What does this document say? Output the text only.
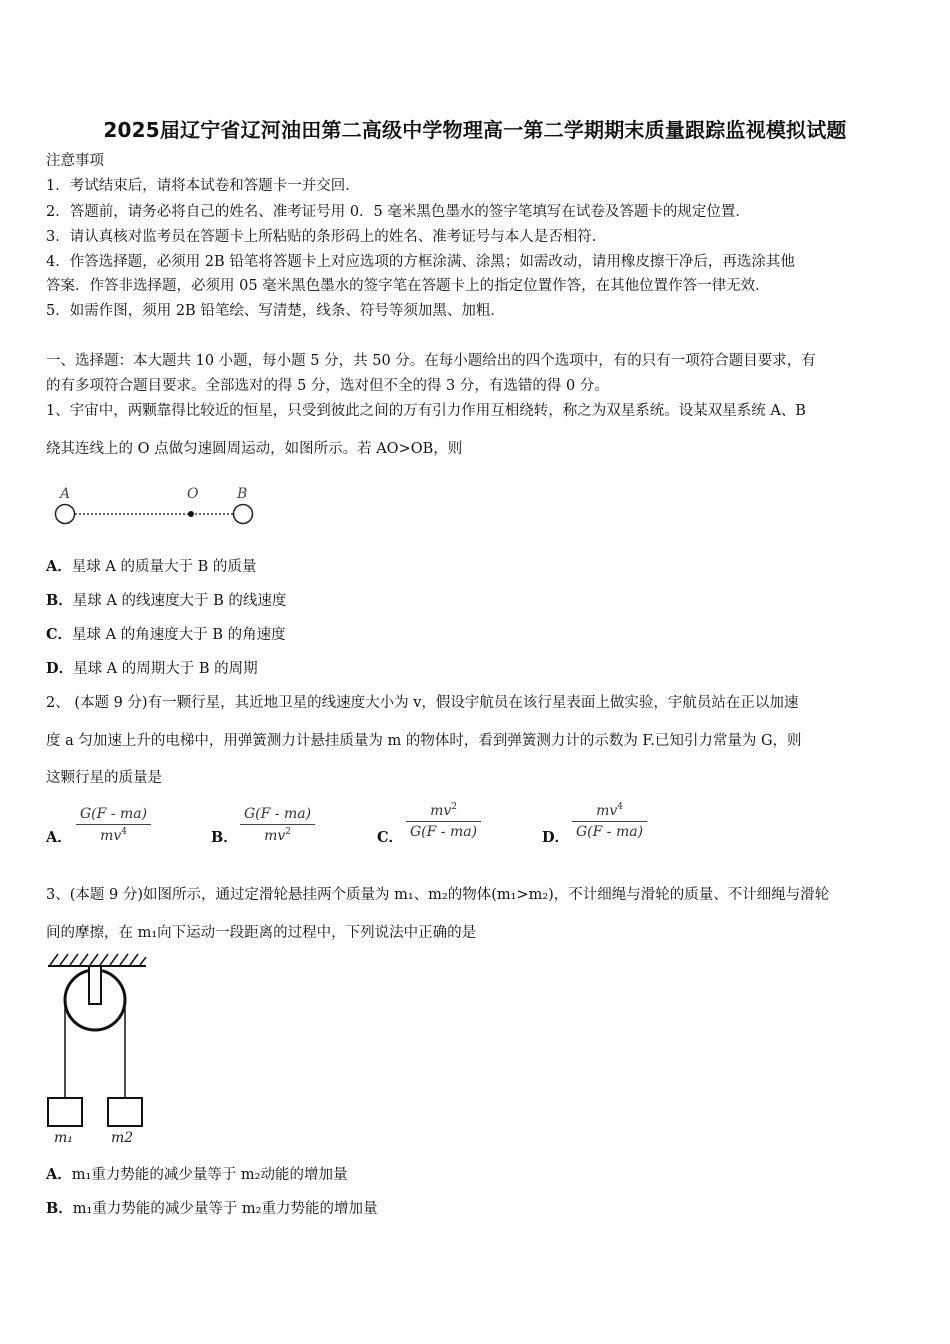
2025届辽宁省辽河油田第二高级中学物理高一第二学期期末质量跟踪监视模拟试题
注意事项
1．考试结束后，请将本试卷和答题卡一并交回．
2．答题前，请务必将自己的姓名、准考证号用 0．5 毫米黑色墨水的签字笔填写在试卷及答题卡的规定位置．
3．请认真核对监考员在答题卡上所粘贴的条形码上的姓名、准考证号与本人是否相符．
4．作答选择题，必须用 2B 铅笔将答题卡上对应选项的方框涂满、涂黑；如需改动，请用橡皮擦干净后，再选涂其他
答案．作答非选择题，必须用 05 毫米黑色墨水的签字笔在答题卡上的指定位置作答，在其他位置作答一律无效．
5．如需作图，须用 2B 铅笔绘、写清楚，线条、符号等须加黑、加粗．
一、选择题：本大题共 10 小题，每小题 5 分，共 50 分。在每小题给出的四个选项中，有的只有一项符合题目要求，有
的有多项符合题目要求。全部选对的得 5 分，选对但不全的得 3 分，有选错的得 0 分。
1、宇宙中，两颗靠得比较近的恒星，只受到彼此之间的万有引力作用互相绕转，称之为双星系统。设某双星系统 A、B
绕其连线上的 O 点做匀速圆周运动，如图所示。若 AO>OB，则
A	O	B
A．星球 A 的质量大于 B 的质量
B．星球 A 的线速度大于 B 的线速度
C．星球 A 的角速度大于 B 的角速度
D．星球 A 的周期大于 B 的周期
2、 (本题 9 分)有一颗行星，其近地卫星的线速度大小为 v，假设宇航员在该行星表面上做实验，宇航员站在正以加速
度 a 匀加速上升的电梯中，用弹簧测力计悬挂质量为 m 的物体时，看到弹簧测力计的示数为 F.已知引力常量为 G，则
这颗行星的质量是
A． $\frac{G(F - ma)}{mv^4}$	B． $\frac{G(F - ma)}{mv^2}$	C． $\frac{mv^2}{G(F - ma)}$	D． $\frac{mv^4}{G(F - ma)}$
3、(本题 9 分)如图所示，通过定滑轮悬挂两个质量为 m₁、m₂的物体(m₁>m₂)，不计细绳与滑轮的质量、不计细绳与滑轮
间的摩擦，在 m₁向下运动一段距离的过程中，下列说法中正确的是
m₁	m2
A．m₁重力势能的减少量等于 m₂动能的增加量
B．m₁重力势能的减少量等于 m₂重力势能的增加量
